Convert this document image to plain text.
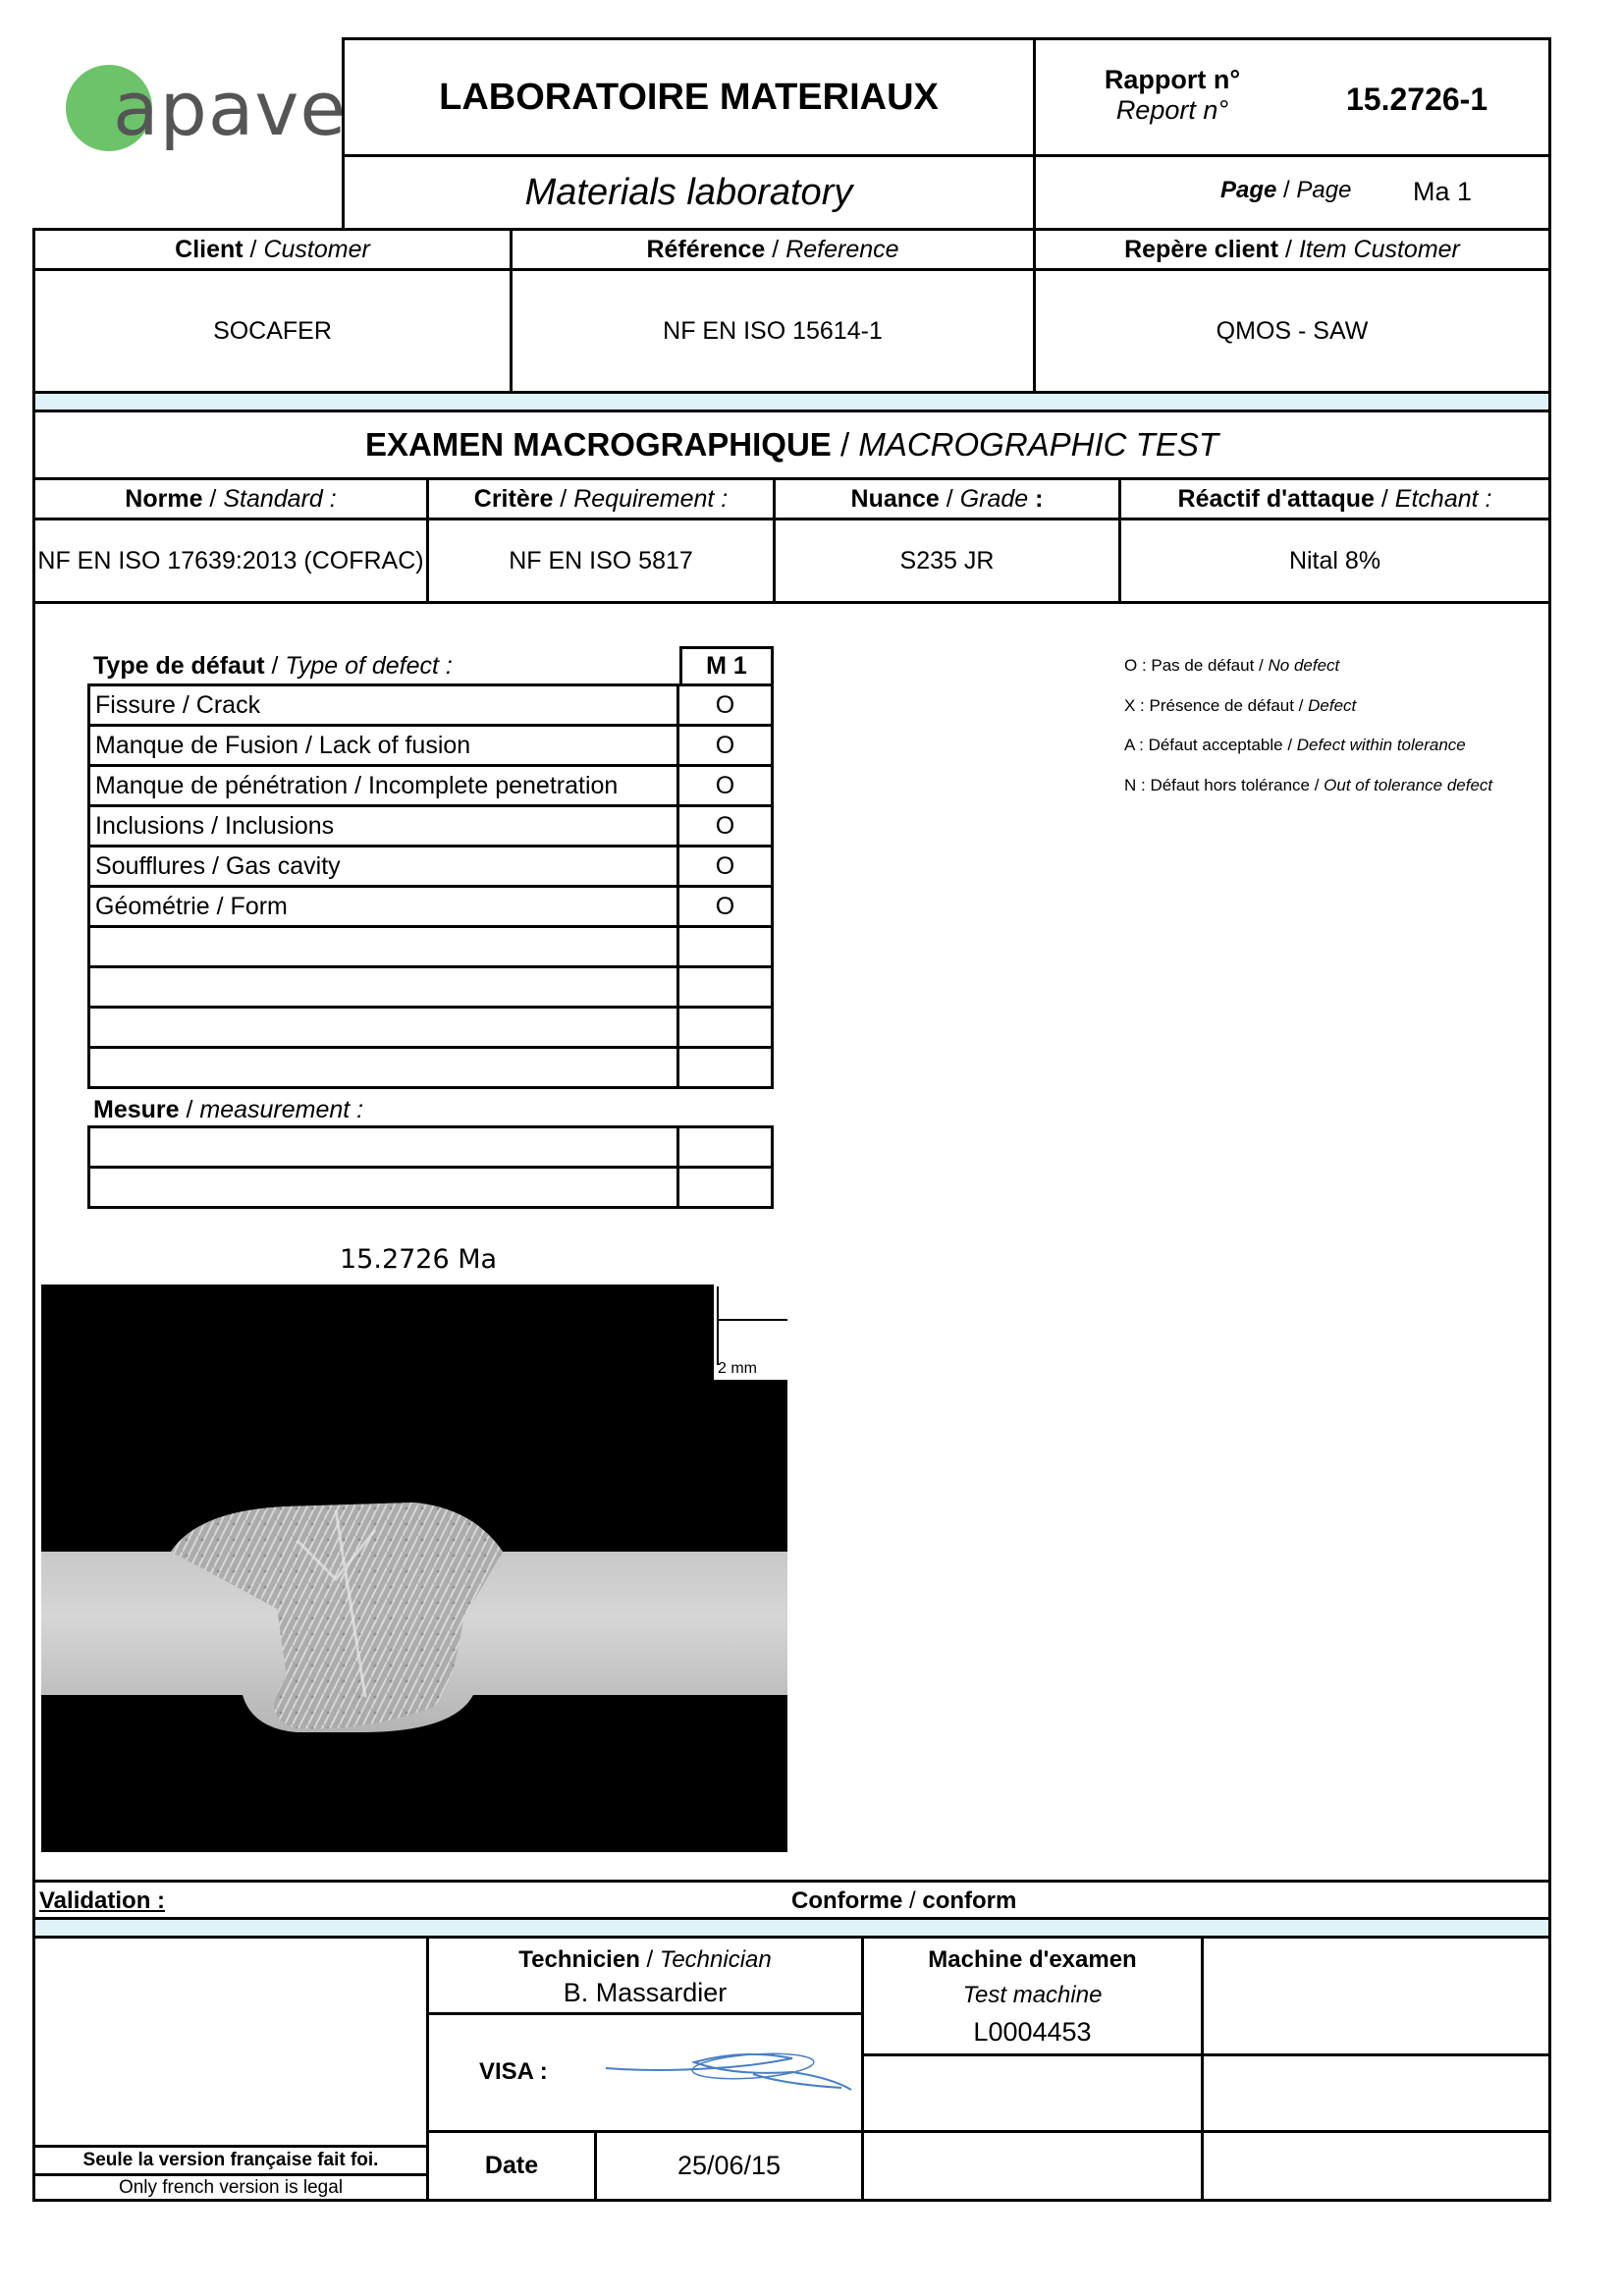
apave LABORATOIRE MATERIAUX
Materials laboratory
Rapport n°
Report n°	15.2726-1
Page / Page Ma 1
Client / Customer	Référence / Reference	Repère client / Item Customer
SOCAFER	NF EN ISO 15614-1	QMOS - SAW
EXAMEN MACROGRAPHIQUE / MACROGRAPHIC TEST
Norme / Standard :	Critère / Requirement :	Nuance / Grade :	Réactif d'attaque / Etchant :
NF EN ISO 17639:2013 (COFRAC)	NF EN ISO 5817	S235 JR	Nital 8%
Type de défaut / Type of defect :	M 1
Fissure / Crack	O
Manque de Fusion / Lack of fusion	O
Manque de pénétration / Incomplete penetration	O
Inclusions / Inclusions	O
Soufflures / Gas cavity	O
Géométrie / Form	O

O : Pas de défaut / No defect
X : Présence de défaut / Defect
A : Défaut acceptable / Defect within tolerance
N : Défaut hors tolérance / Out of tolerance defect
Mesure / measurement :

15.2726 Ma
2 mm
Validation :	Conforme / conform
Seule la version française fait foi.
Only french version is legal
Technicien / Technician
B. Massardier
VISA :
Date	25/06/15
Machine d'examen
Test machine
L0004453
